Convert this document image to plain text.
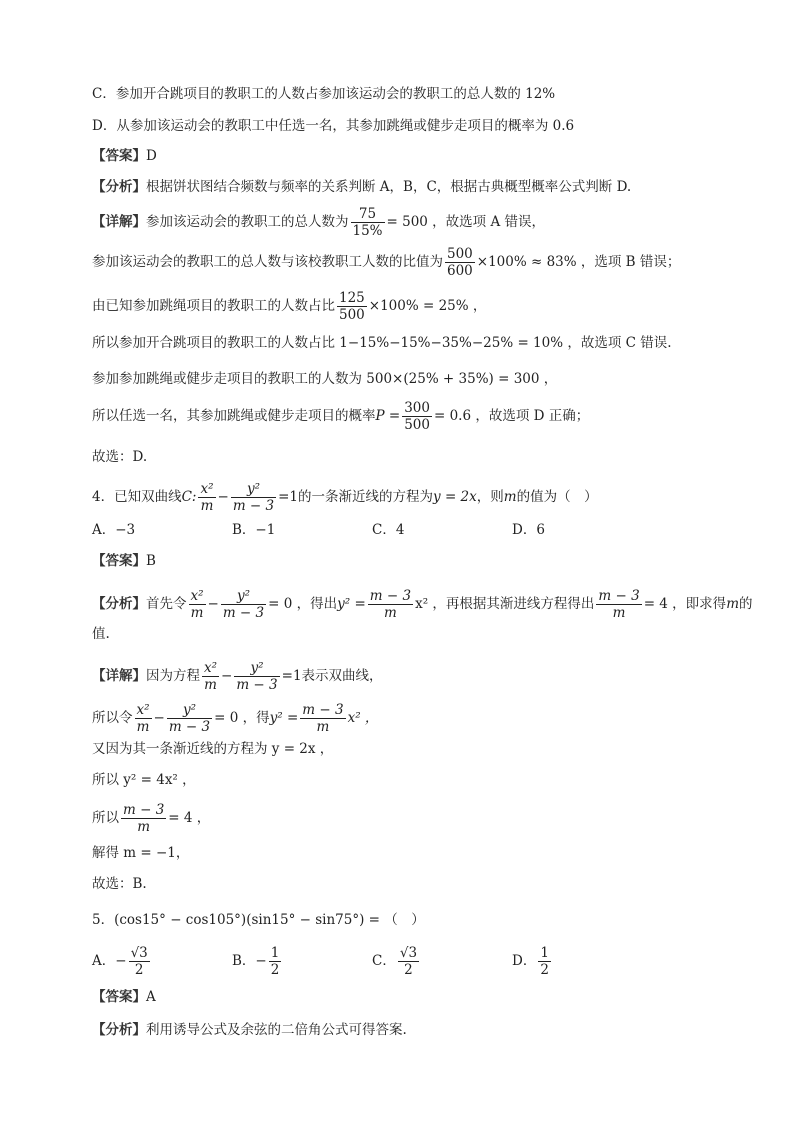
C．参加开合跳项目的教职工的人数占参加该运动会的教职工的总人数的 12%
D．从参加该运动会的教职工中任选一名，其参加跳绳或健步走项目的概率为 0.6
【答案】D
【分析】根据饼状图结合频数与频率的关系判断 A，B，C，根据古典概型概率公式判断 D.
【详解】参加该运动会的教职工的总人数为 $\frac{75}{15\%} = 500$ ，故选项 A 错误，
参加该运动会的教职工的总人数与该校教职工人数的比值为 $\frac{500}{600} \times 100\% \approx 83\%$ ，选项 B 错误；
由已知参加跳绳项目的教职工的人数占比 $\frac{125}{500} \times 100\% = 25\%$ ，
所以参加开合跳项目的教职工的人数占比 1−15%−15%−35%−25% = 10% ，故选项 C 错误.
参加参加跳绳或健步走项目的教职工的人数为 500×(25% + 35%) = 300 ，
所以任选一名，其参加跳绳或健步走项目的概率$P = \frac{300}{500} = 0.6$ ，故选项 D 正确；
故选：D.
4．已知双曲线C: $\frac{\text{x²}}{m} - \frac{\text{y²}}{m - 3} =1$的一条渐近线的方程为y = 2x，则m的值为（　）
A．−3	B．−1	C．4	D．6
【答案】B
【分析】首先令 $\frac{\text{x²}}{m} - \frac{\text{y²}}{m - 3} = 0$ ，得出$y^2 = \frac{m - 3}{m} x^2$ ，再根据其渐进线方程得出 $\frac{m - 3}{m} = 4$ ，即求得m的
值.
【详解】因为方程 $\frac{\text{x²}}{m} - \frac{\text{y²}}{m - 3} =1$表示双曲线，
所以令 $\frac{\text{x²}}{m} - \frac{\text{y²}}{m - 3} = 0$ ，得$y^2 = \frac{m - 3}{m} x^2$ ，
又因为其一条渐近线的方程为 y = 2x ，
所以 y² = 4x² ，
所以 $\frac{m - 3}{m} = 4$ ，
解得 m = −1，
故选：B.
5．(cos15° − cos105°)(sin15° − sin75°) = （　）
A．− $\frac{√3}{2}$	B．− $\frac{1}{2}$	C． $\frac{√3}{2}$	D． $\frac{1}{2}$
【答案】A
【分析】利用诱导公式及余弦的二倍角公式可得答案.
